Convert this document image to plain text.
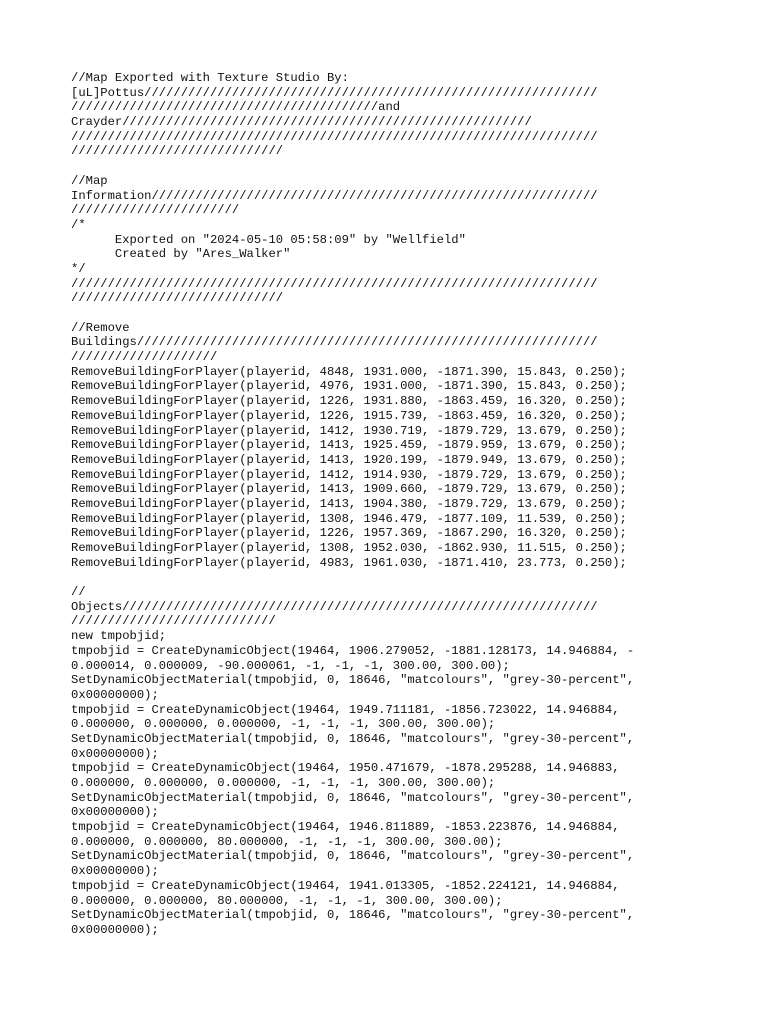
//Map Exported with Texture Studio By:
[uL]Pottus//////////////////////////////////////////////////////////////
//////////////////////////////////////////and
Crayder////////////////////////////////////////////////////////
////////////////////////////////////////////////////////////////////////
/////////////////////////////
//Map
Information/////////////////////////////////////////////////////////////
///////////////////////
/*
Exported on "2024-05-10 05:58:09" by "Wellfield"
Created by "Ares_Walker"
*/
////////////////////////////////////////////////////////////////////////
/////////////////////////////
//Remove
Buildings///////////////////////////////////////////////////////////////
////////////////////
RemoveBuildingForPlayer(playerid, 4848, 1931.000, -1871.390, 15.843, 0.250);
RemoveBuildingForPlayer(playerid, 4976, 1931.000, -1871.390, 15.843, 0.250);
RemoveBuildingForPlayer(playerid, 1226, 1931.880, -1863.459, 16.320, 0.250);
RemoveBuildingForPlayer(playerid, 1226, 1915.739, -1863.459, 16.320, 0.250);
RemoveBuildingForPlayer(playerid, 1412, 1930.719, -1879.729, 13.679, 0.250);
RemoveBuildingForPlayer(playerid, 1413, 1925.459, -1879.959, 13.679, 0.250);
RemoveBuildingForPlayer(playerid, 1413, 1920.199, -1879.949, 13.679, 0.250);
RemoveBuildingForPlayer(playerid, 1412, 1914.930, -1879.729, 13.679, 0.250);
RemoveBuildingForPlayer(playerid, 1413, 1909.660, -1879.729, 13.679, 0.250);
RemoveBuildingForPlayer(playerid, 1413, 1904.380, -1879.729, 13.679, 0.250);
RemoveBuildingForPlayer(playerid, 1308, 1946.479, -1877.109, 11.539, 0.250);
RemoveBuildingForPlayer(playerid, 1226, 1957.369, -1867.290, 16.320, 0.250);
RemoveBuildingForPlayer(playerid, 1308, 1952.030, -1862.930, 11.515, 0.250);
RemoveBuildingForPlayer(playerid, 4983, 1961.030, -1871.410, 23.773, 0.250);
//
Objects/////////////////////////////////////////////////////////////////
////////////////////////////
new tmpobjid;
tmpobjid = CreateDynamicObject(19464, 1906.279052, -1881.128173, 14.946884, -
0.000014, 0.000009, -90.000061, -1, -1, -1, 300.00, 300.00);
SetDynamicObjectMaterial(tmpobjid, 0, 18646, "matcolours", "grey-30-percent",
0x00000000);
tmpobjid = CreateDynamicObject(19464, 1949.711181, -1856.723022, 14.946884,
0.000000, 0.000000, 0.000000, -1, -1, -1, 300.00, 300.00);
SetDynamicObjectMaterial(tmpobjid, 0, 18646, "matcolours", "grey-30-percent",
0x00000000);
tmpobjid = CreateDynamicObject(19464, 1950.471679, -1878.295288, 14.946883,
0.000000, 0.000000, 0.000000, -1, -1, -1, 300.00, 300.00);
SetDynamicObjectMaterial(tmpobjid, 0, 18646, "matcolours", "grey-30-percent",
0x00000000);
tmpobjid = CreateDynamicObject(19464, 1946.811889, -1853.223876, 14.946884,
0.000000, 0.000000, 80.000000, -1, -1, -1, 300.00, 300.00);
SetDynamicObjectMaterial(tmpobjid, 0, 18646, "matcolours", "grey-30-percent",
0x00000000);
tmpobjid = CreateDynamicObject(19464, 1941.013305, -1852.224121, 14.946884,
0.000000, 0.000000, 80.000000, -1, -1, -1, 300.00, 300.00);
SetDynamicObjectMaterial(tmpobjid, 0, 18646, "matcolours", "grey-30-percent",
0x00000000);
